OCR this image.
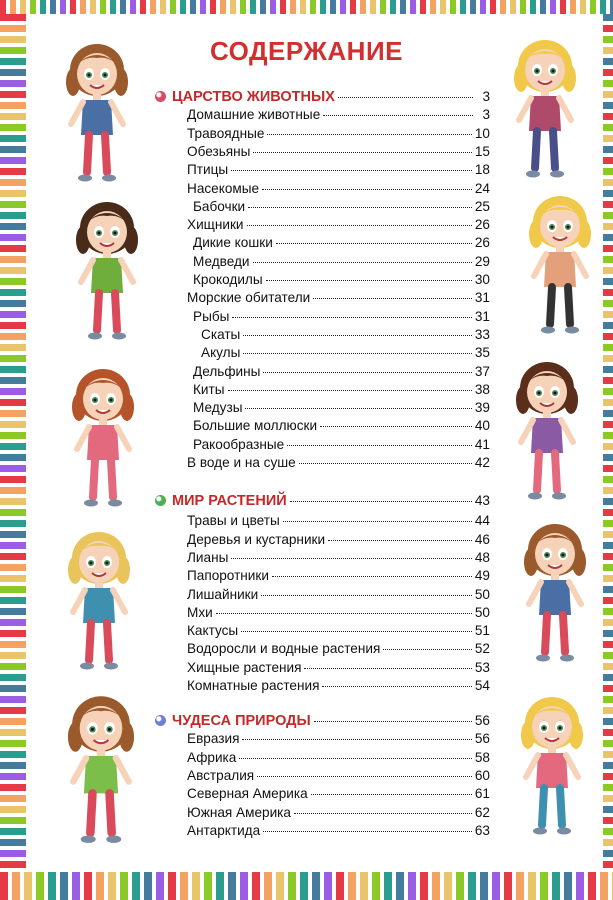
СОДЕРЖАНИЕ
ЦАРСТВО ЖИВОТНЫХ	3
Домашние животные	3
Травоядные	10
Обезьяны	15
Птицы	18
Насекомые	24
Бабочки	25
Хищники	26
Дикие кошки	26
Медведи	29
Крокодилы	30
Морские обитатели	31
Рыбы	31
Скаты	33
Акулы	35
Дельфины	37
Киты	38
Медузы	39
Большие моллюски	40
Ракообразные	41
В воде и на суше	42
МИР РАСТЕНИЙ	43
Травы и цветы	44
Деревья и кустарники	46
Лианы	48
Папоротники	49
Лишайники	50
Мхи	50
Кактусы	51
Водоросли и водные растения	52
Хищные растения	53
Комнатные растения	54
ЧУДЕСА ПРИРОДЫ	56
Евразия	56
Африка	58
Австралия	60
Северная Америка	61
Южная Америка	62
Антарктида	63
